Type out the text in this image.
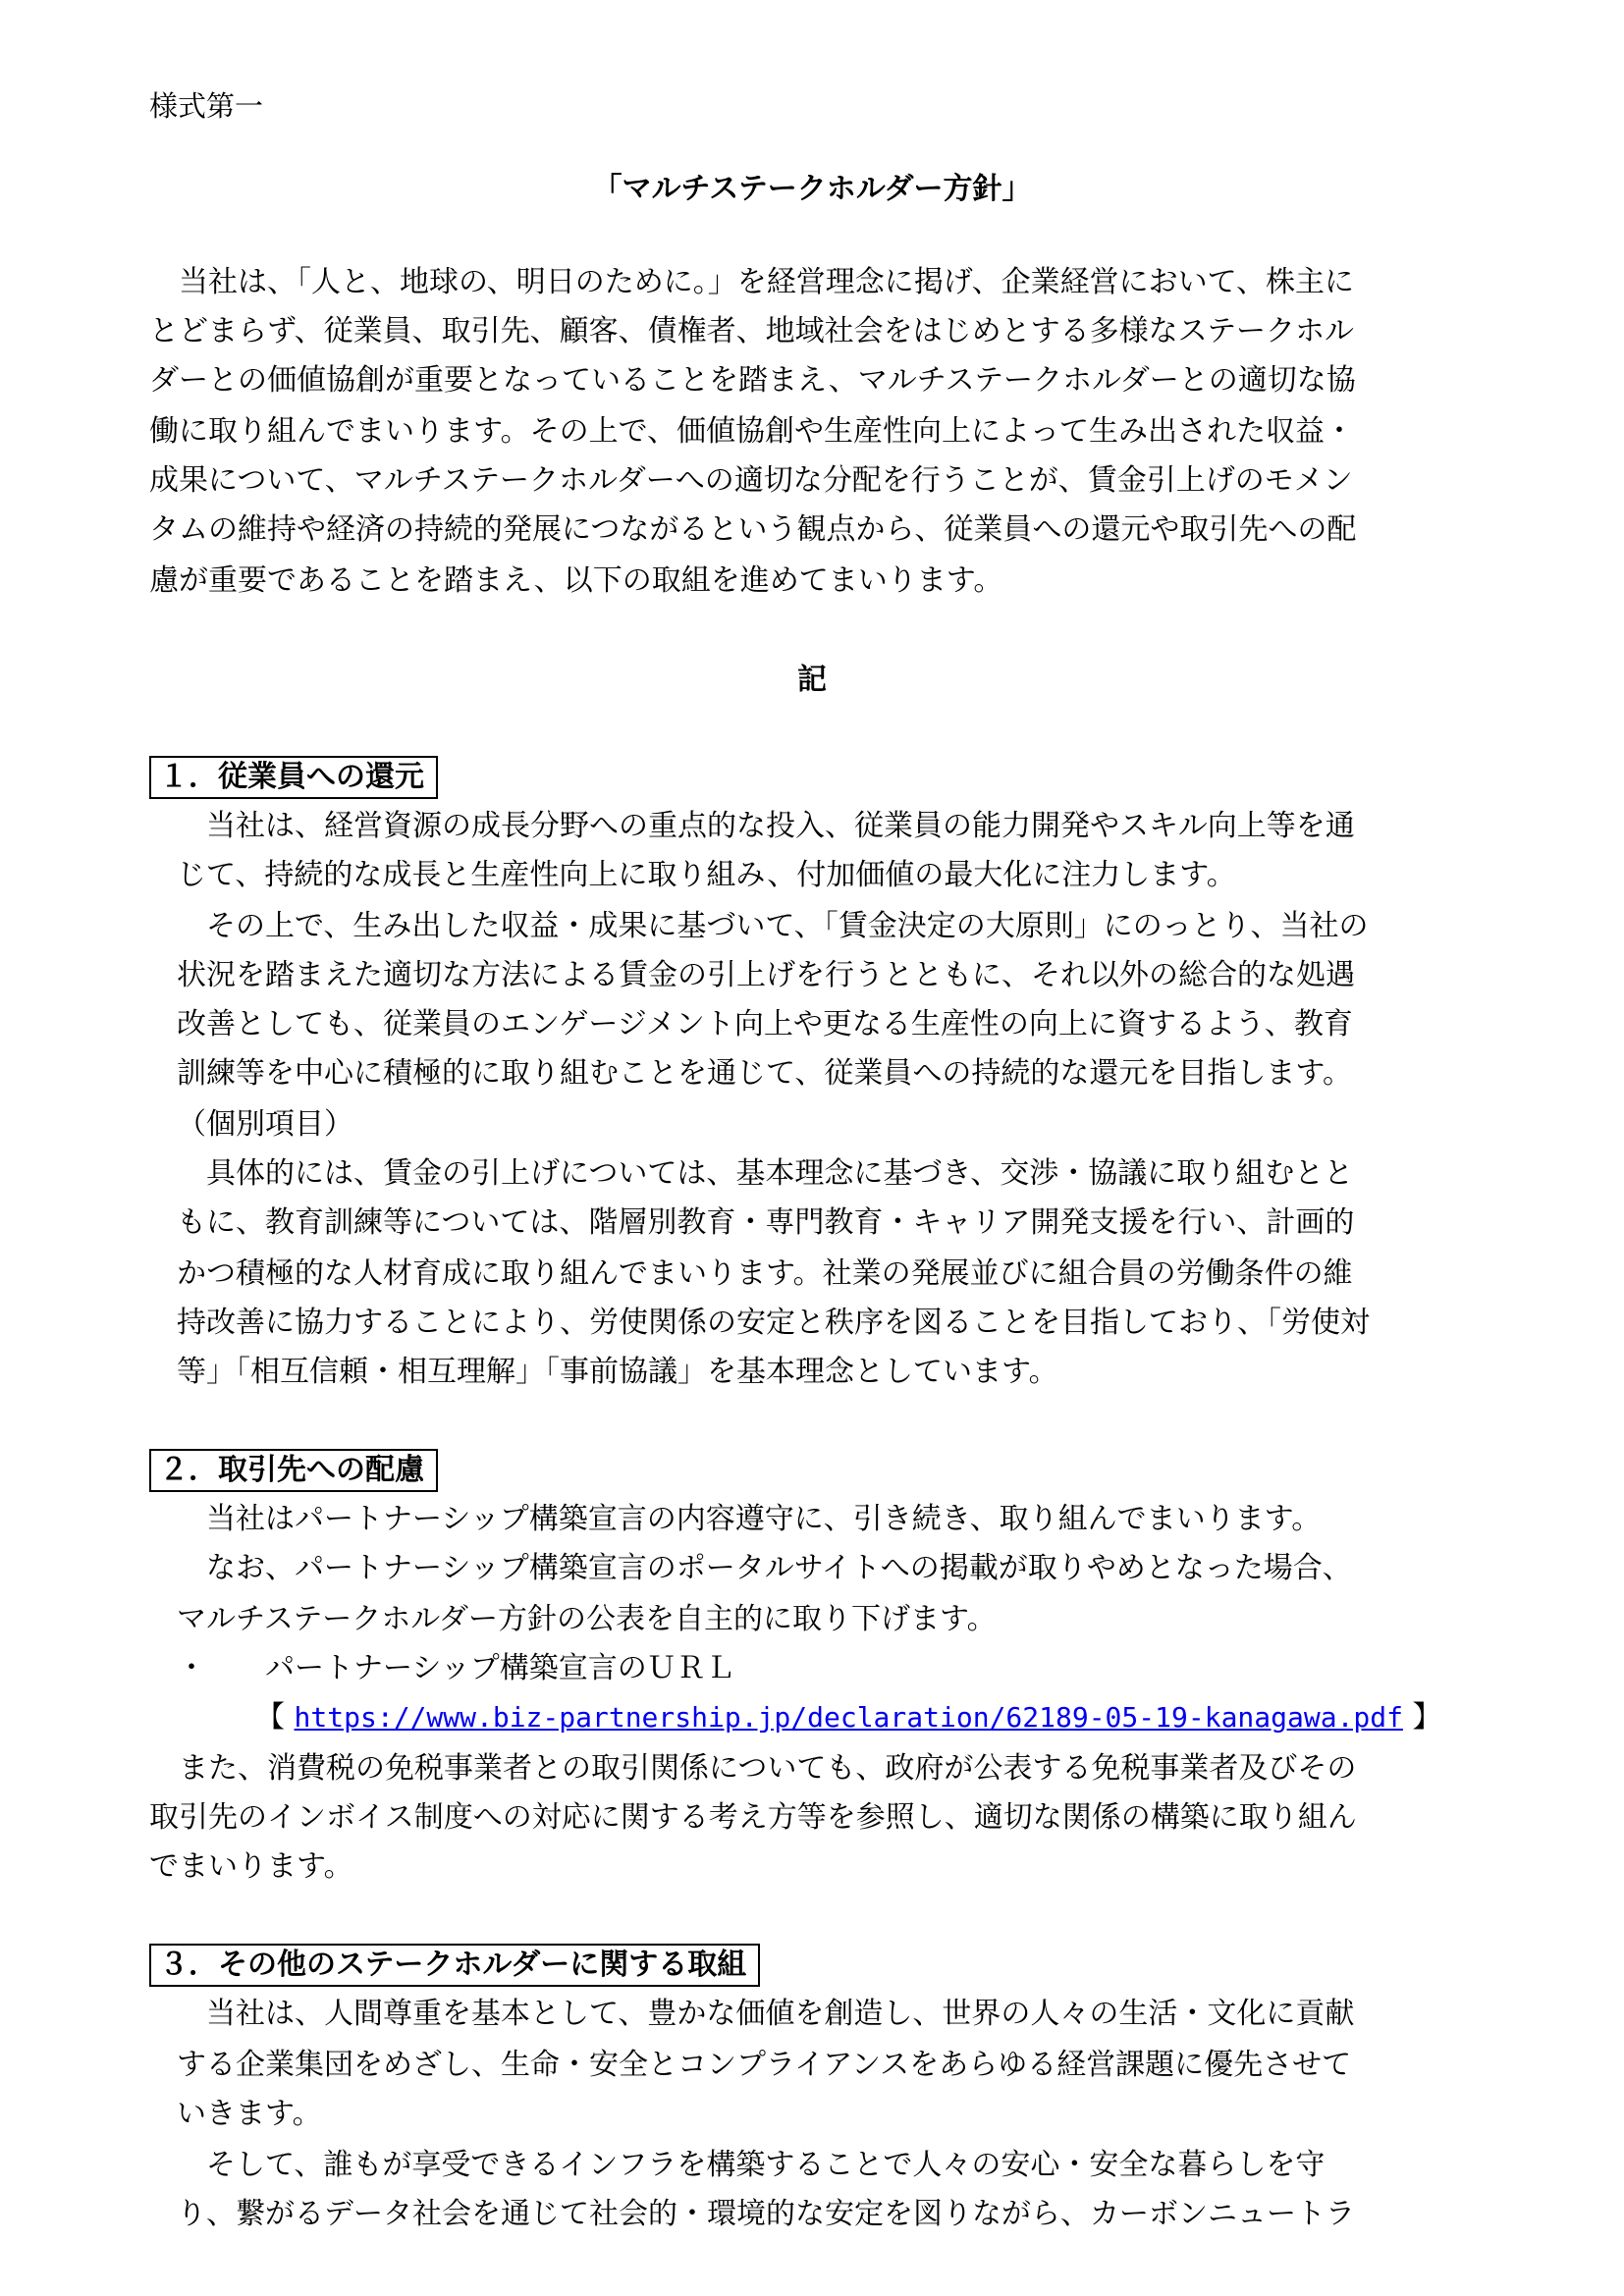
様式第一
「マルチステークホルダー方針」
　当社は、「人と、地球の、明日のために。」を経営理念に掲げ、企業経営において、株主に
とどまらず、従業員、取引先、顧客、債権者、地域社会をはじめとする多様なステークホル
ダーとの価値協創が重要となっていることを踏まえ、マルチステークホルダーとの適切な協
働に取り組んでまいります。その上で、価値協創や生産性向上によって生み出された収益・
成果について、マルチステークホルダーへの適切な分配を行うことが、賃金引上げのモメン
タムの維持や経済の持続的発展につながるという観点から、従業員への還元や取引先への配
慮が重要であることを踏まえ、以下の取組を進めてまいります。
記
１．従業員への還元
　当社は、経営資源の成長分野への重点的な投入、従業員の能力開発やスキル向上等を通
じて、持続的な成長と生産性向上に取り組み、付加価値の最大化に注力します。
　その上で、生み出した収益・成果に基づいて、「賃金決定の大原則」にのっとり、当社の
状況を踏まえた適切な方法による賃金の引上げを行うとともに、それ以外の総合的な処遇
改善としても、従業員のエンゲージメント向上や更なる生産性の向上に資するよう、教育
訓練等を中心に積極的に取り組むことを通じて、従業員への持続的な還元を目指します。
（個別項目）
　具体的には、賃金の引上げについては、基本理念に基づき、交渉・協議に取り組むとと
もに、教育訓練等については、階層別教育・専門教育・キャリア開発支援を行い、計画的
かつ積極的な人材育成に取り組んでまいります。社業の発展並びに組合員の労働条件の維
持改善に協力することにより、労使関係の安定と秩序を図ることを目指しており、「労使対
等」「相互信頼・相互理解」「事前協議」を基本理念としています。
２．取引先への配慮
　当社はパートナーシップ構築宣言の内容遵守に、引き続き、取り組んでまいります。
　なお、パートナーシップ構築宣言のポータルサイトへの掲載が取りやめとなった場合、
マルチステークホルダー方針の公表を自主的に取り下げます。
・　　パートナーシップ構築宣言のＵＲＬ
【 https://www.biz-partnership.jp/declaration/62189-05-19-kanagawa.pdf 】
　また、消費税の免税事業者との取引関係についても、政府が公表する免税事業者及びその
取引先のインボイス制度への対応に関する考え方等を参照し、適切な関係の構築に取り組ん
でまいります。
３．その他のステークホルダーに関する取組
　当社は、人間尊重を基本として、豊かな価値を創造し、世界の人々の生活・文化に貢献
する企業集団をめざし、生命・安全とコンプライアンスをあらゆる経営課題に優先させて
いきます。
　そして、誰もが享受できるインフラを構築することで人々の安心・安全な暮らしを守
り、繋がるデータ社会を通じて社会的・環境的な安定を図りながら、カーボンニュートラ
